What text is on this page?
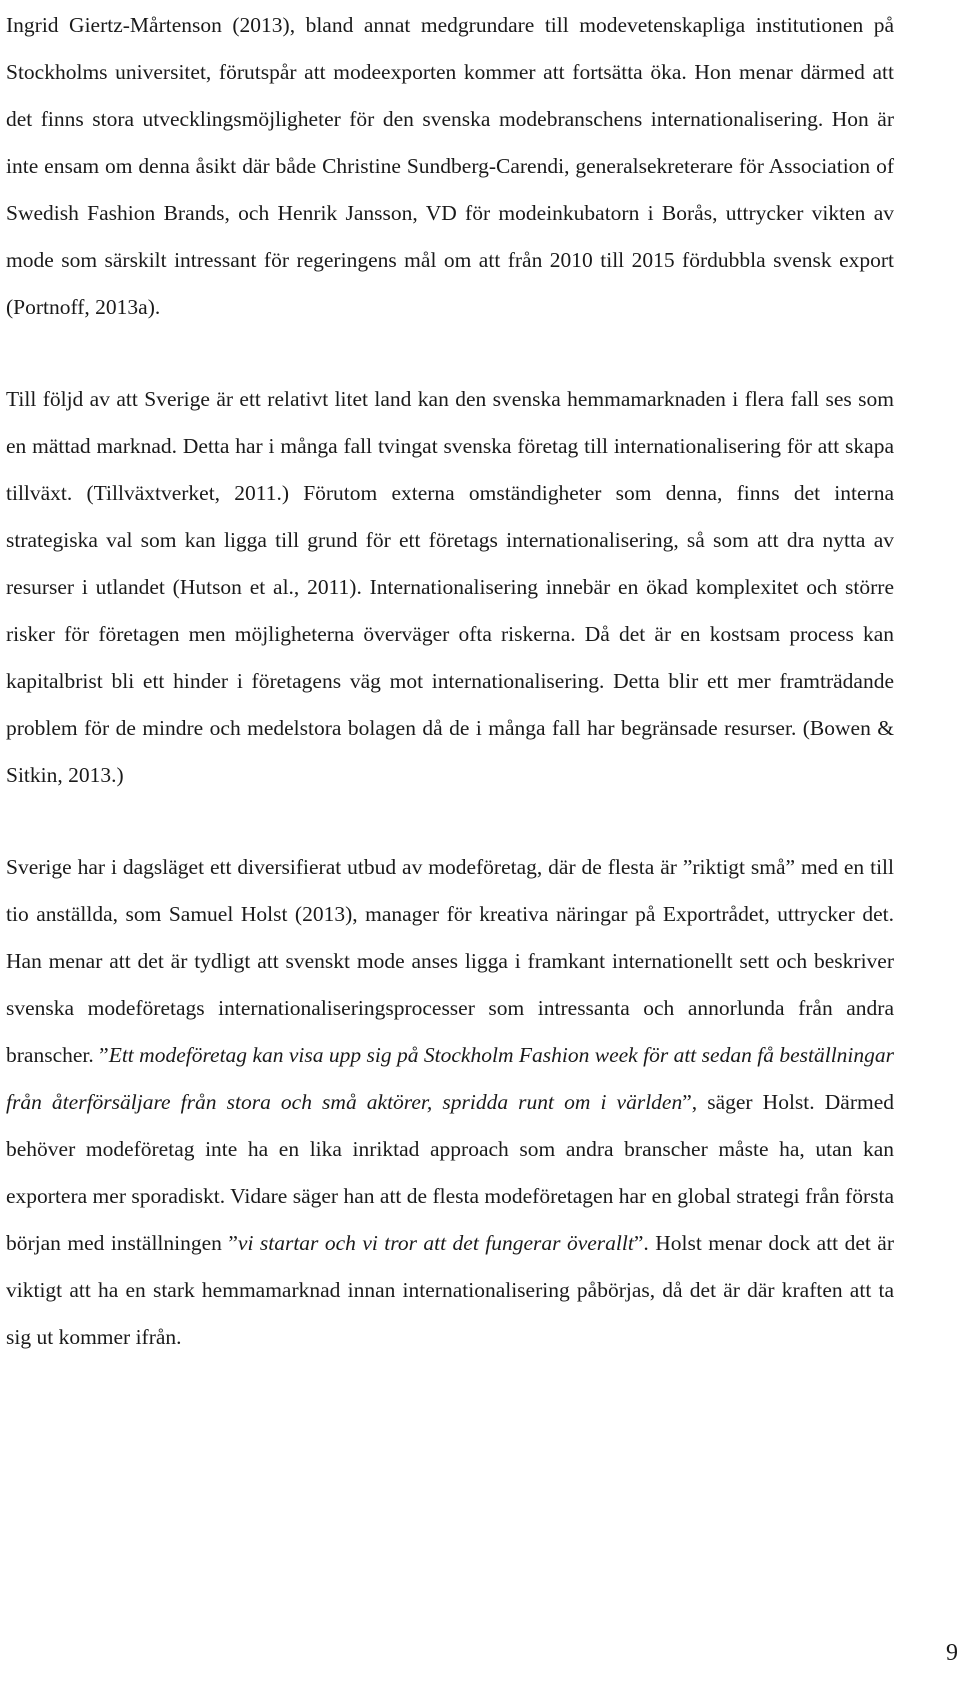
Ingrid Giertz-Mårtenson (2013), bland annat medgrundare till modevetenskapliga institutionen på Stockholms universitet, förutspår att modeexporten kommer att fortsätta öka. Hon menar därmed att det finns stora utvecklingsmöjligheter för den svenska modebranschens internationalisering. Hon är inte ensam om denna åsikt där både Christine Sundberg-Carendi, generalsekreterare för Association of Swedish Fashion Brands, och Henrik Jansson, VD för modeinkubatorn i Borås, uttrycker vikten av mode som särskilt intressant för regeringens mål om att från 2010 till 2015 fördubbla svensk export (Portnoff, 2013a).

Till följd av att Sverige är ett relativt litet land kan den svenska hemmamarknaden i flera fall ses som en mättad marknad. Detta har i många fall tvingat svenska företag till internationalisering för att skapa tillväxt. (Tillväxtverket, 2011.) Förutom externa omständigheter som denna, finns det interna strategiska val som kan ligga till grund för ett företags internationalisering, så som att dra nytta av resurser i utlandet (Hutson et al., 2011). Internationalisering innebär en ökad komplexitet och större risker för företagen men möjligheterna överväger ofta riskerna. Då det är en kostsam process kan kapitalbrist bli ett hinder i företagens väg mot internationalisering. Detta blir ett mer framträdande problem för de mindre och medelstora bolagen då de i många fall har begränsade resurser. (Bowen & Sitkin, 2013.)

Sverige har i dagsläget ett diversifierat utbud av modeföretag, där de flesta är ”riktigt små” med en till tio anställda, som Samuel Holst (2013), manager för kreativa näringar på Exportrådet, uttrycker det. Han menar att det är tydligt att svenskt mode anses ligga i framkant internationellt sett och beskriver svenska modeföretags internationaliseringsprocesser som intressanta och annorlunda från andra branscher. ”Ett modeföretag kan visa upp sig på Stockholm Fashion week för att sedan få beställningar från återförsäljare från stora och små aktörer, spridda runt om i världen”, säger Holst. Därmed behöver modeföretag inte ha en lika inriktad approach som andra branscher måste ha, utan kan exportera mer sporadiskt. Vidare säger han att de flesta modeföretagen har en global strategi från första början med inställningen ”vi startar och vi tror att det fungerar överallt”. Holst menar dock att det är viktigt att ha en stark hemmamarknad innan internationalisering påbörjas, då det är där kraften att ta sig ut kommer ifrån.

9
